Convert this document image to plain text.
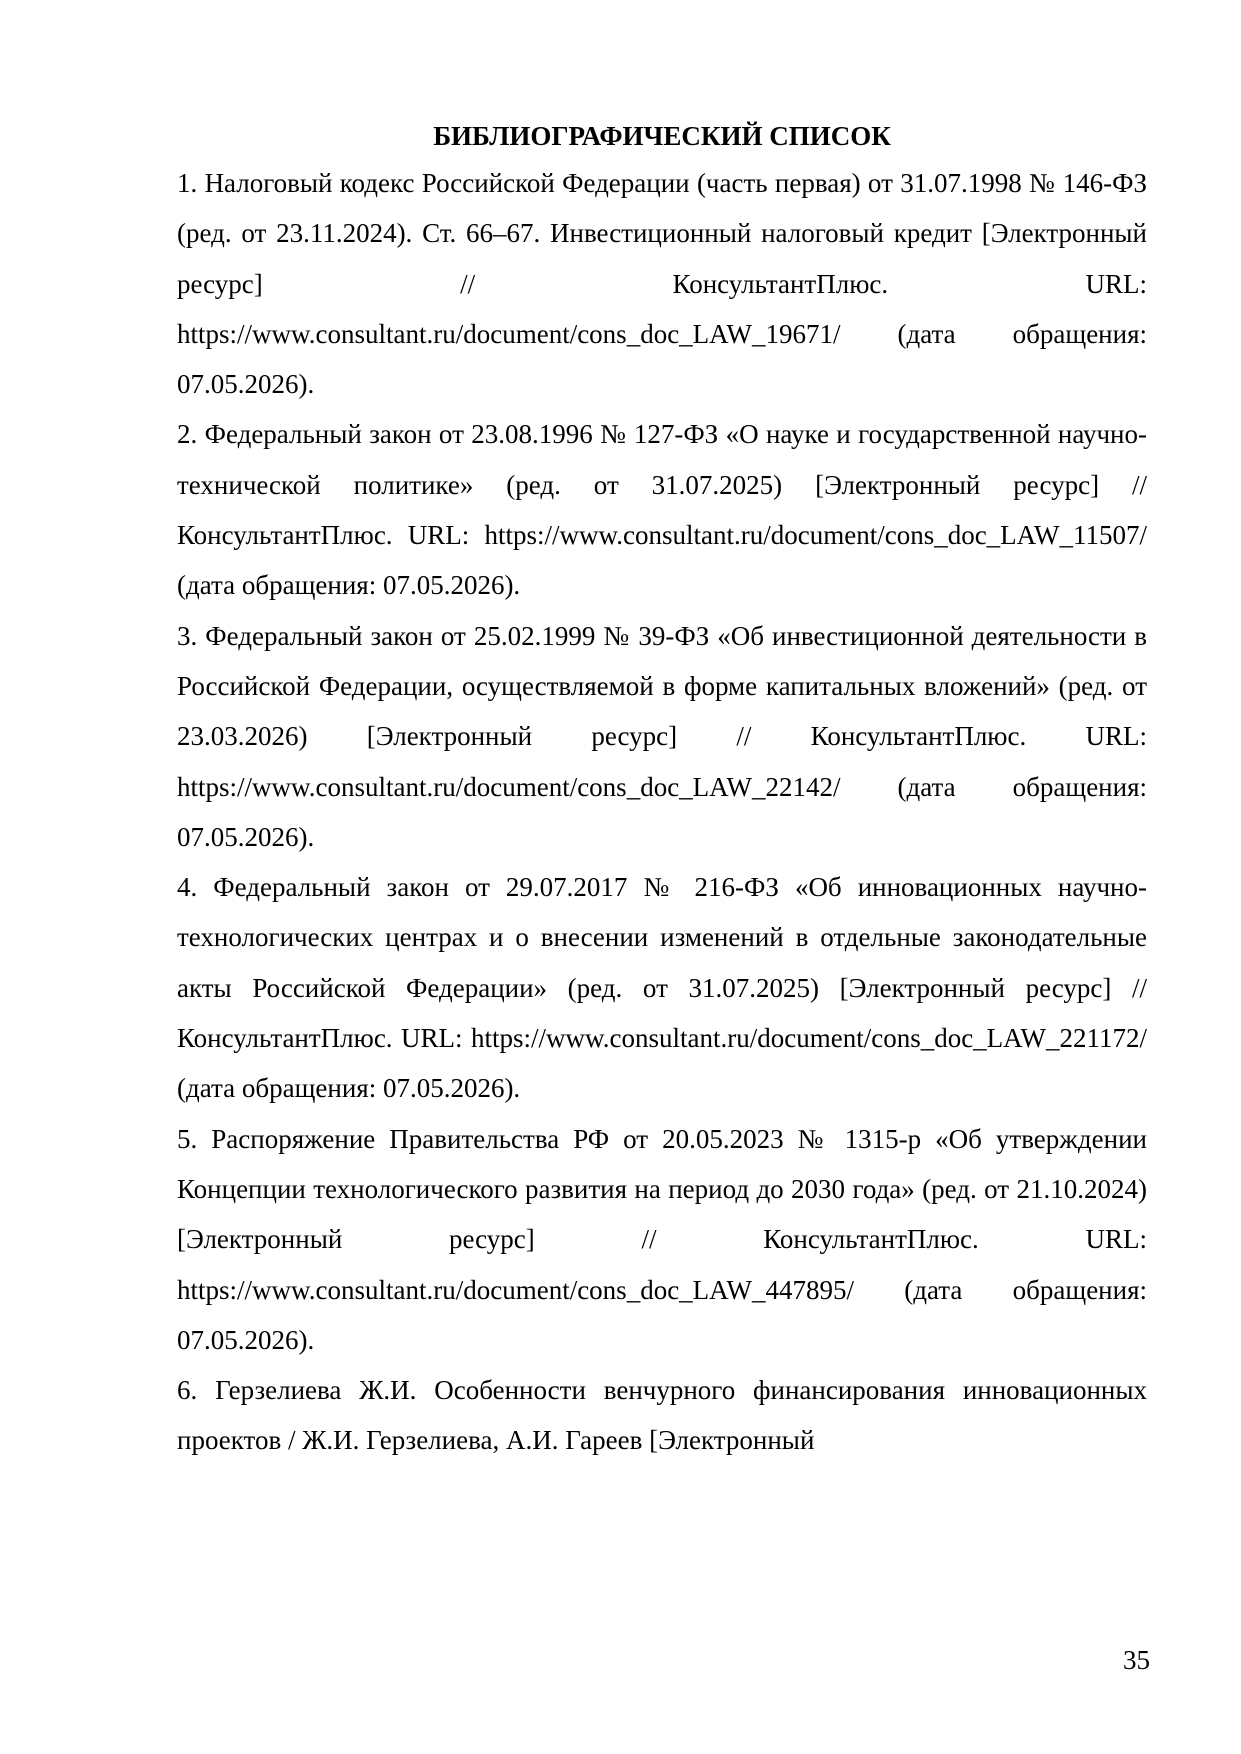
БИБЛИОГРАФИЧЕСКИЙ СПИСОК

1. Налоговый кодекс Российской Федерации (часть первая) от 31.07.1998 № 146-ФЗ (ред. от 23.11.2024). Ст. 66–67. Инвестиционный налоговый кредит [Электронный ресурс] // КонсультантПлюс. URL: https://www.consultant.ru/document/cons_doc_LAW_19671/ (дата обращения: 07.05.2026).

2. Федеральный закон от 23.08.1996 № 127-ФЗ «О науке и государственной научно-технической политике» (ред. от 31.07.2025) [Электронный ресурс] // КонсультантПлюс. URL: https://www.consultant.ru/document/cons_doc_LAW_11507/ (дата обращения: 07.05.2026).

3. Федеральный закон от 25.02.1999 № 39-ФЗ «Об инвестиционной деятельности в Российской Федерации, осуществляемой в форме капитальных вложений» (ред. от 23.03.2026) [Электронный ресурс] // КонсультантПлюс. URL: https://www.consultant.ru/document/cons_doc_LAW_22142/ (дата обращения: 07.05.2026).

4. Федеральный закон от 29.07.2017 № 216-ФЗ «Об инновационных научно-технологических центрах и о внесении изменений в отдельные законодательные акты Российской Федерации» (ред. от 31.07.2025) [Электронный ресурс] // КонсультантПлюс. URL: https://www.consultant.ru/document/cons_doc_LAW_221172/ (дата обращения: 07.05.2026).

5. Распоряжение Правительства РФ от 20.05.2023 № 1315-р «Об утверждении Концепции технологического развития на период до 2030 года» (ред. от 21.10.2024) [Электронный ресурс] // КонсультантПлюс. URL: https://www.consultant.ru/document/cons_doc_LAW_447895/ (дата обращения: 07.05.2026).

6. Герзелиева Ж.И. Особенности венчурного финансирования инновационных проектов / Ж.И. Герзелиева, А.И. Гареев [Электронный

35
